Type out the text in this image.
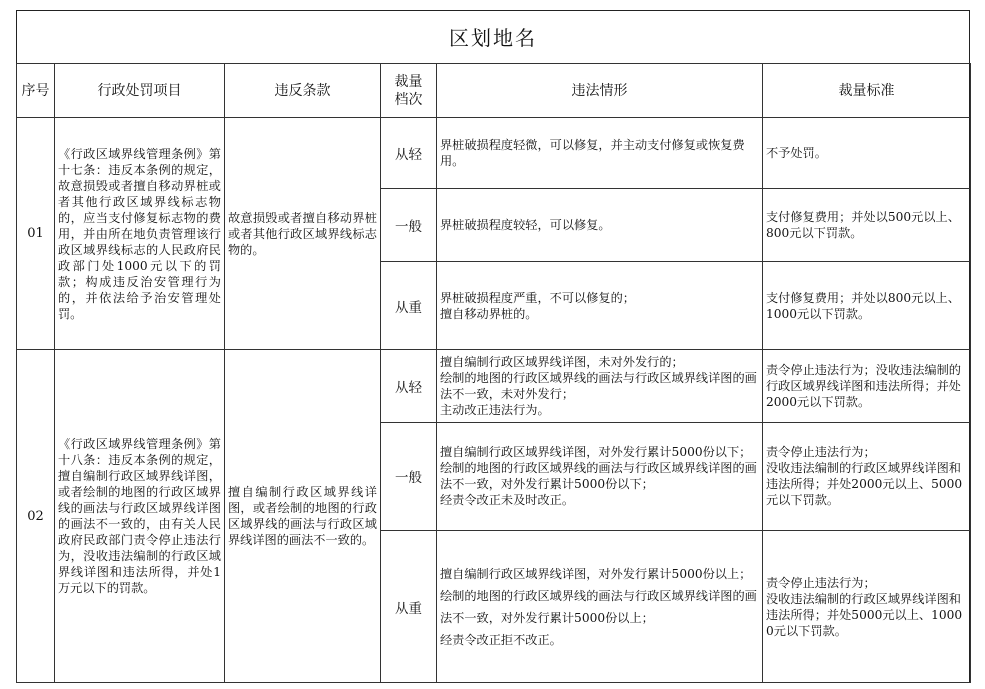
区划地名
序号	行政处罚项目	违反条款	裁量
档次	违法情形	裁量标准
01	《行政区域界线管理条例》第十七条：违反本条例的规定，故意损毁或者擅自移动界桩或者其他行政区域界线标志物的，应当支付修复标志物的费用，并由所在地负责管理该行政区域界线标志的人民政府民政部门处1000元以下的罚款；构成违反治安管理行为的，并依法给予治安管理处罚。	故意损毁或者擅自移动界桩或者其他行政区域界线标志物的。	从轻	界桩破损程度轻微，可以修复，并主动支付修复或恢复费用。	不予处罚。

			一般	界桩破损程度较轻，可以修复。	支付修复费用；并处以500元以上、800元以下罚款。

			从重	界桩破损程度严重，不可以修复的；
擅自移动界桩的。	支付修复费用；并处以800元以上、1000元以下罚款。

02	《行政区域界线管理条例》第十八条：违反本条例的规定，擅自编制行政区域界线详图，或者绘制的地图的行政区域界线的画法与行政区域界线详图的画法不一致的，由有关人民政府民政部门责令停止违法行为，没收违法编制的行政区域界线详图和违法所得，并处1万元以下的罚款。	擅自编制行政区域界线详图，或者绘制的地图的行政区域界线的画法与行政区域界线详图的画法不一致的。	从轻	擅自编制行政区域界线详图，未对外发行的；
绘制的地图的行政区域界线的画法与行政区域界线详图的画法不一致，未对外发行；
主动改正违法行为。	责令停止违法行为；没收违法编制的行政区域界线详图和违法所得；并处2000元以下罚款。

			一般	擅自编制行政区域界线详图，对外发行累计5000份以下；
绘制的地图的行政区域界线的画法与行政区域界线详图的画法不一致，对外发行累计5000份以下；
经责令改正未及时改正。	责令停止违法行为；
没收违法编制的行政区域界线详图和违法所得；并处2000元以上、5000元以下罚款。

			从重	擅自编制行政区域界线详图，对外发行累计5000份以上；
绘制的地图的行政区域界线的画法与行政区域界线详图的画法不一致，对外发行累计5000份以上；
经责令改正拒不改正。	责令停止违法行为；
没收违法编制的行政区域界线详图和违法所得；并处5000元以上、10000元以下罚款。
